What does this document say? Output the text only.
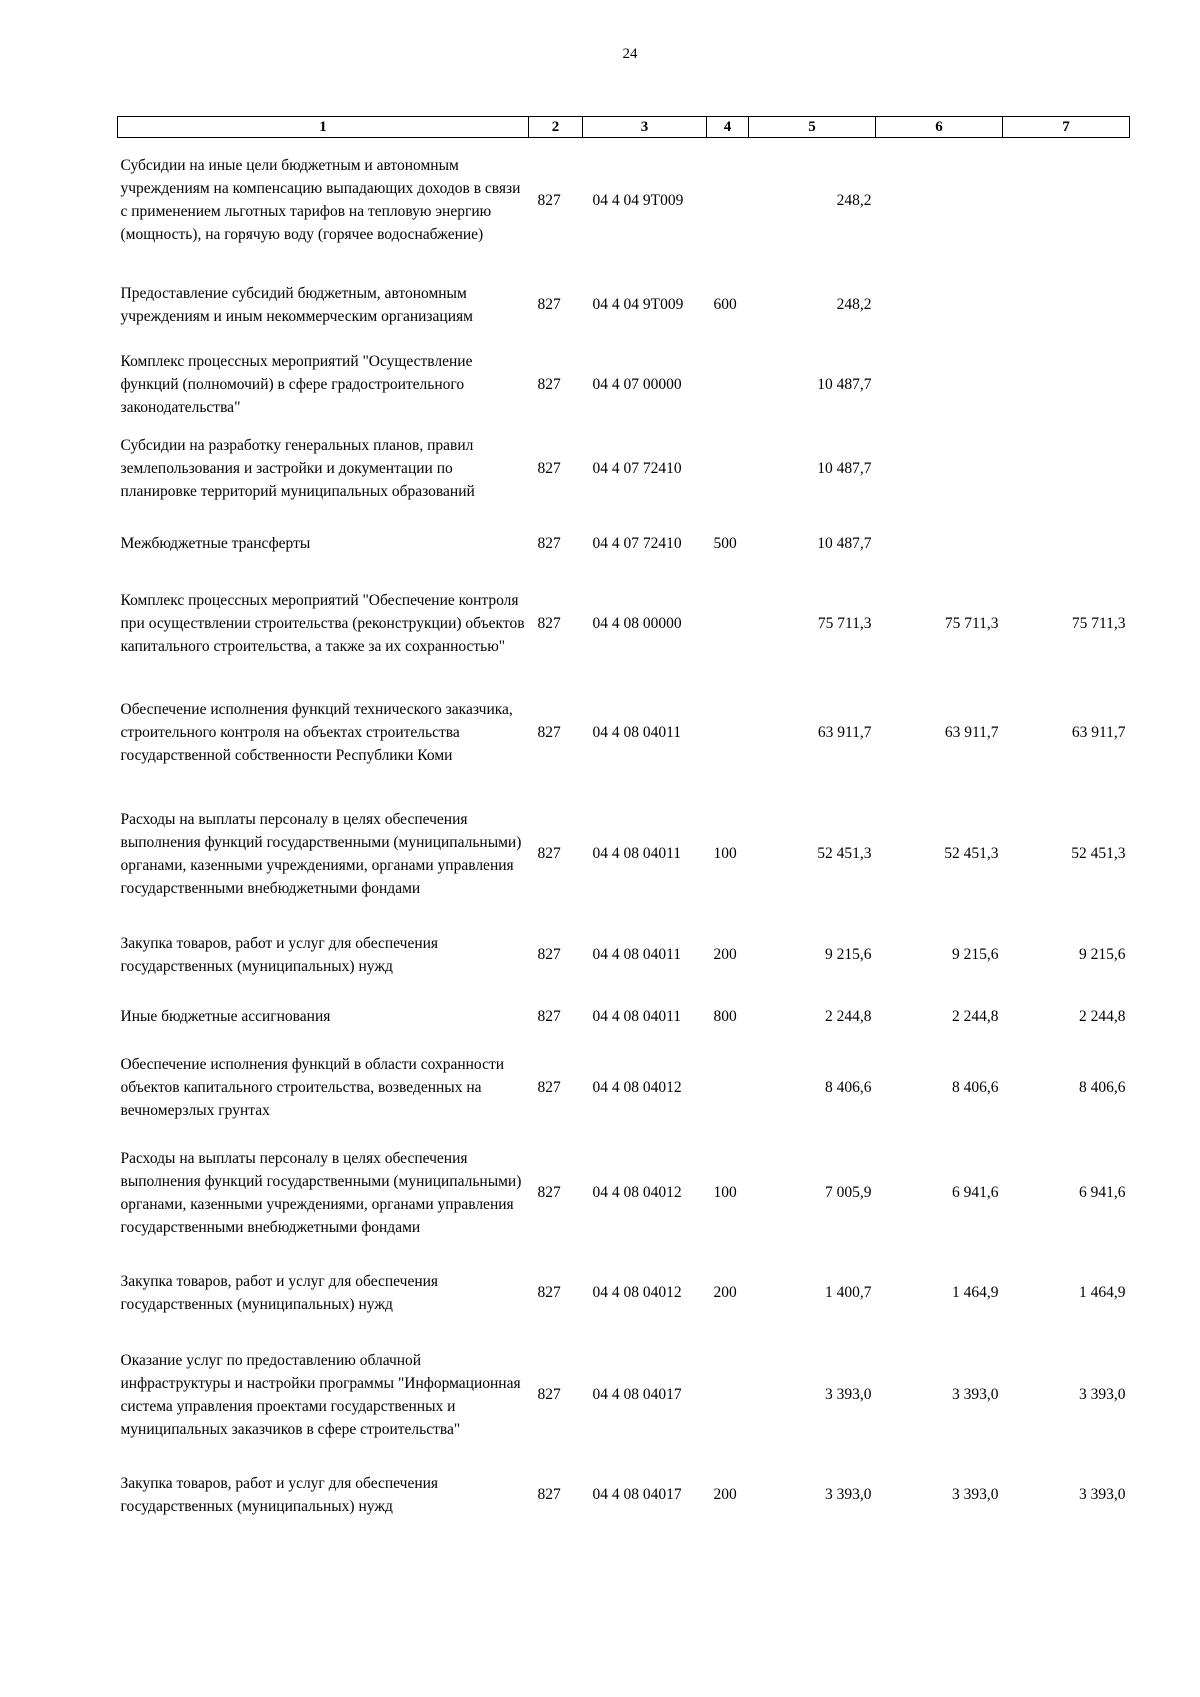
24
1	2	3	4	5	6	7
Субсидии на иные цели бюджетным и автономным учреждениям на компенсацию выпадающих доходов в связи с применением льготных тарифов на тепловую энергию (мощность), на горячую воду (горячее водоснабжение)	827	04 4 04 9Т009		248,2		
Предоставление субсидий бюджетным, автономным учреждениям и иным некоммерческим организациям	827	04 4 04 9Т009	600	248,2		
Комплекс процессных мероприятий "Осуществление функций (полномочий) в сфере градостроительного законодательства"	827	04 4 07 00000		10 487,7		
Субсидии на разработку генеральных планов, правил землепользования и застройки и документации по планировке территорий муниципальных образований	827	04 4 07 72410		10 487,7		
Межбюджетные трансферты	827	04 4 07 72410	500	10 487,7		
Комплекс процессных мероприятий "Обеспечение контроля при осуществлении строительства (реконструкции) объектов капитального строительства, а также за их сохранностью"	827	04 4 08 00000		75 711,3	75 711,3	75 711,3
Обеспечение исполнения функций технического заказчика, строительного контроля на объектах строительства государственной собственности Республики Коми	827	04 4 08 04011		63 911,7	63 911,7	63 911,7
Расходы на выплаты персоналу в целях обеспечения выполнения функций государственными (муниципальными) органами, казенными учреждениями, органами управления государственными внебюджетными фондами	827	04 4 08 04011	100	52 451,3	52 451,3	52 451,3
Закупка товаров, работ и услуг для обеспечения государственных (муниципальных) нужд	827	04 4 08 04011	200	9 215,6	9 215,6	9 215,6
Иные бюджетные ассигнования	827	04 4 08 04011	800	2 244,8	2 244,8	2 244,8
Обеспечение исполнения функций в области сохранности объектов капитального строительства, возведенных на вечномерзлых грунтах	827	04 4 08 04012		8 406,6	8 406,6	8 406,6
Расходы на выплаты персоналу в целях обеспечения выполнения функций государственными (муниципальными) органами, казенными учреждениями, органами управления государственными внебюджетными фондами	827	04 4 08 04012	100	7 005,9	6 941,6	6 941,6
Закупка товаров, работ и услуг для обеспечения государственных (муниципальных) нужд	827	04 4 08 04012	200	1 400,7	1 464,9	1 464,9
Оказание услуг по предоставлению облачной инфраструктуры и настройки программы "Информационная система управления проектами государственных и муниципальных заказчиков в сфере строительства"	827	04 4 08 04017		3 393,0	3 393,0	3 393,0
Закупка товаров, работ и услуг для обеспечения государственных (муниципальных) нужд	827	04 4 08 04017	200	3 393,0	3 393,0	3 393,0
